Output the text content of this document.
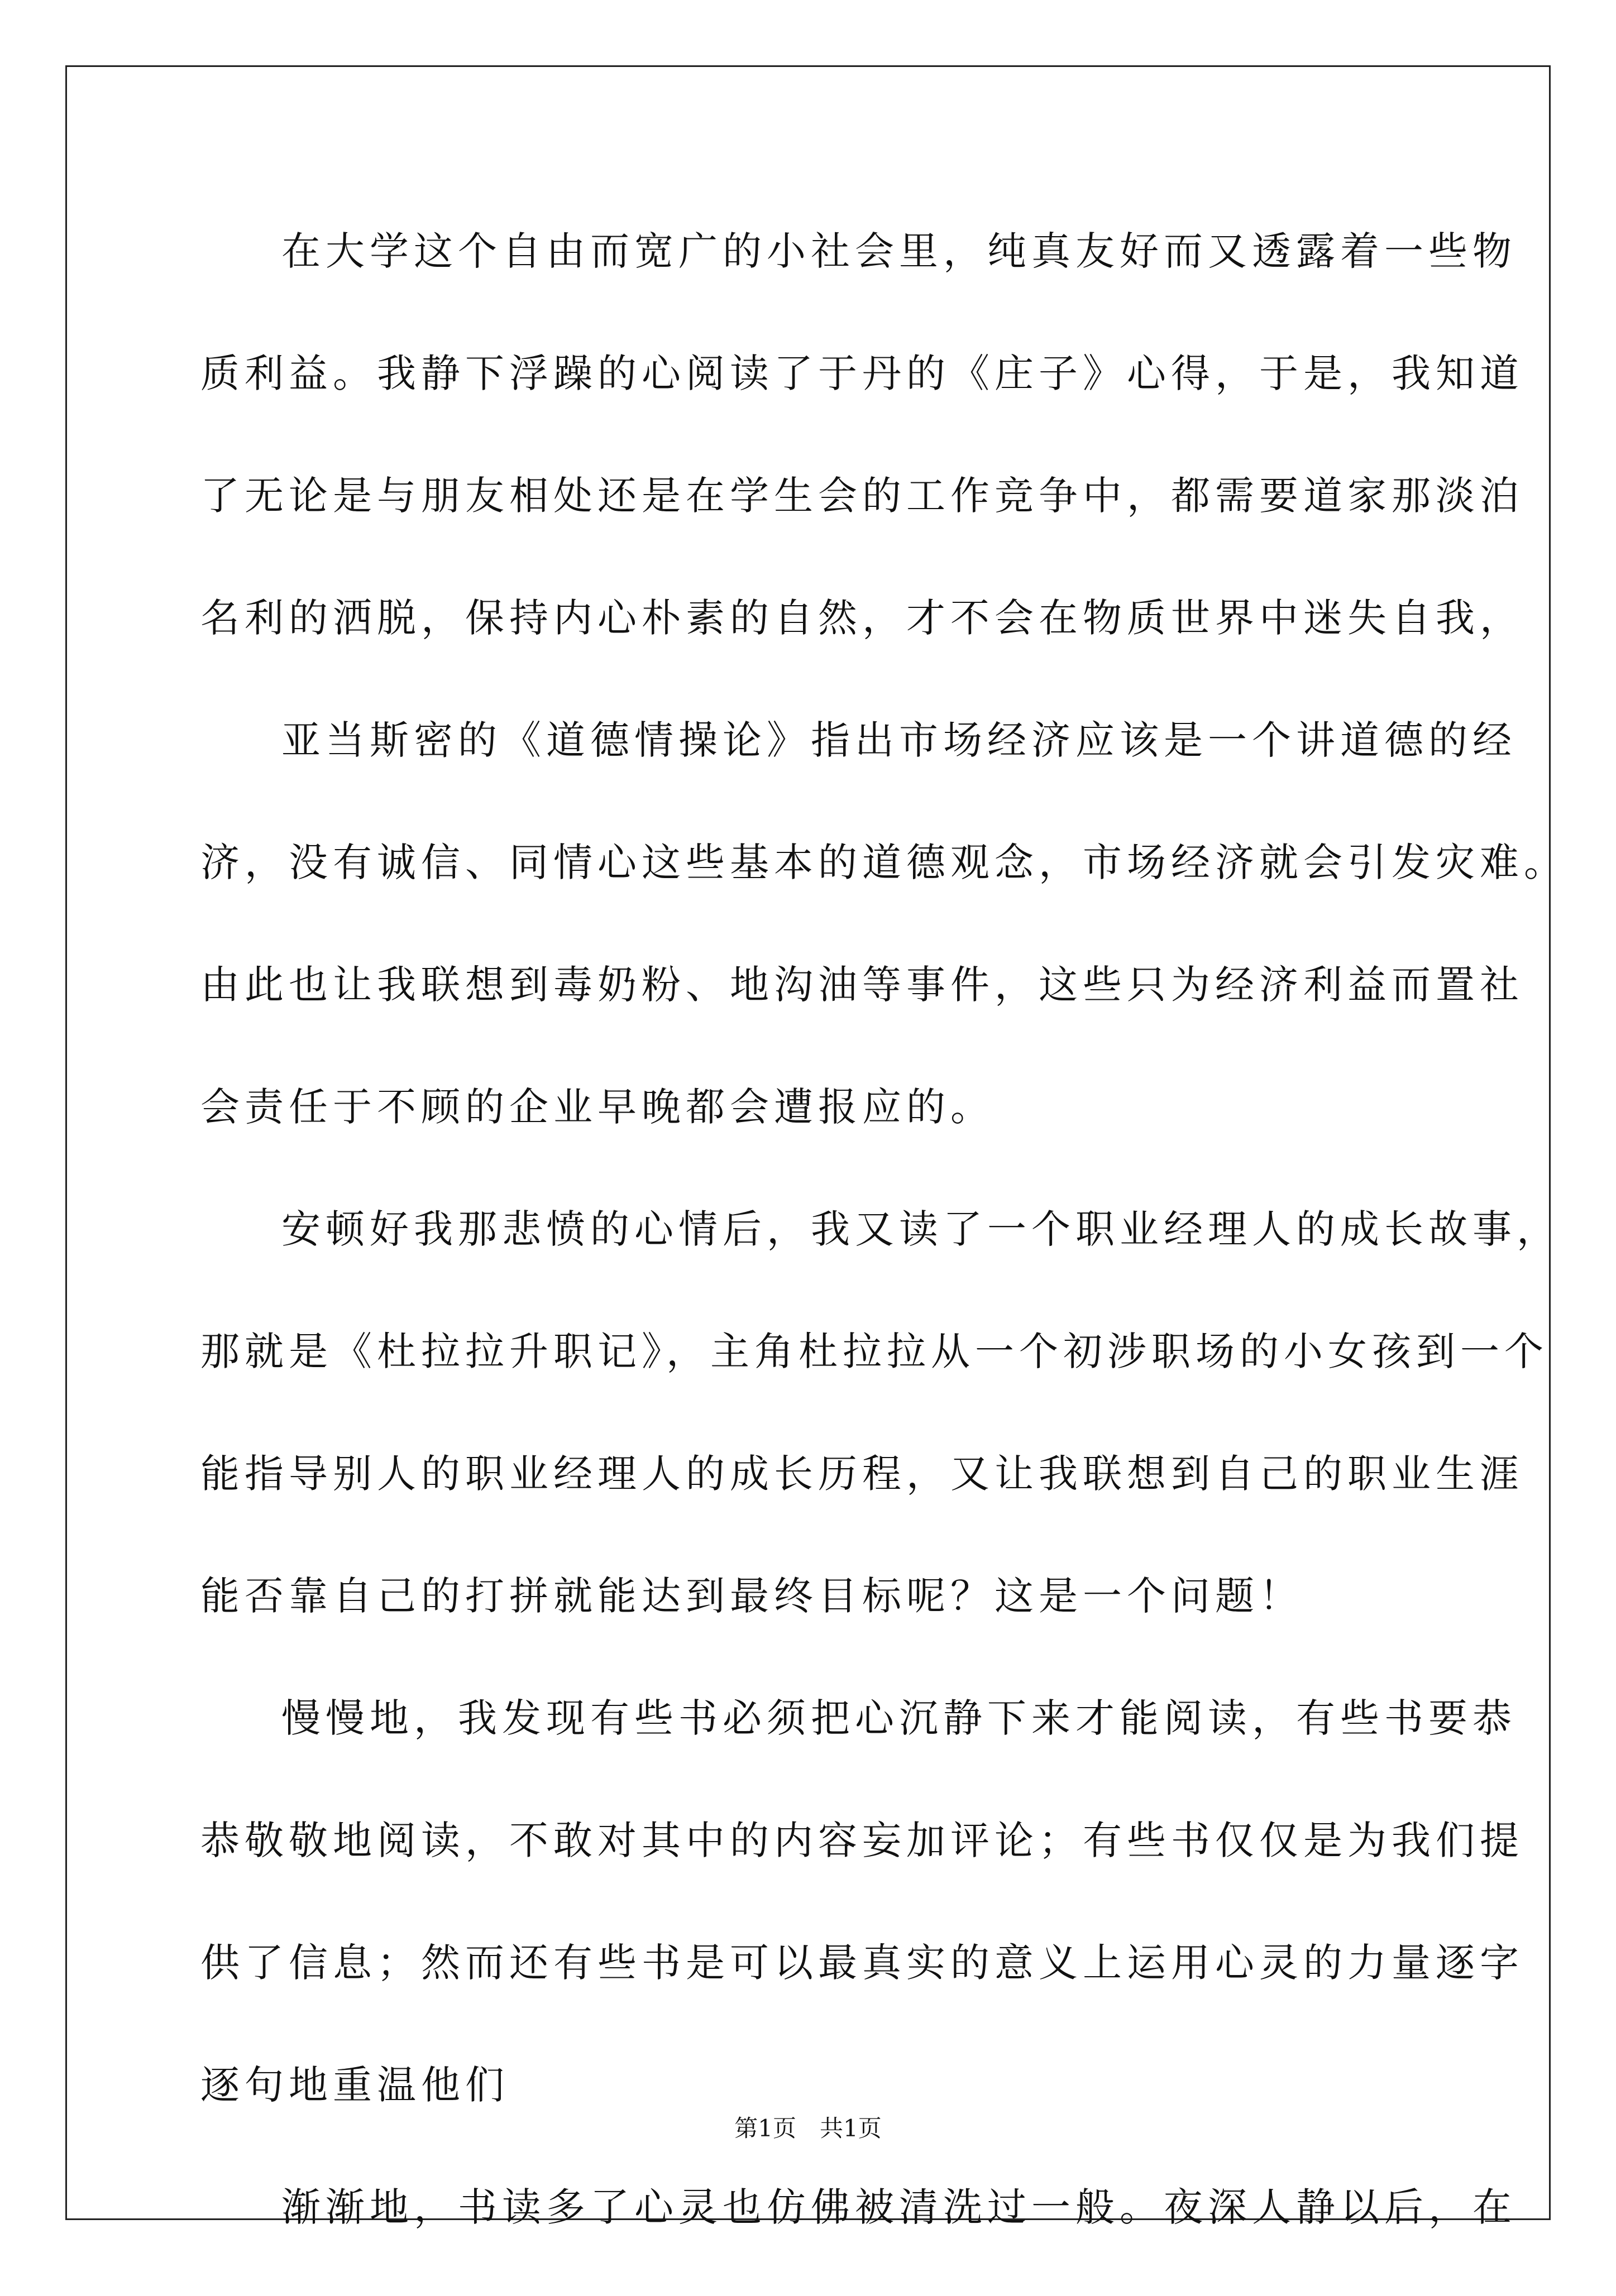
在大学这个自由而宽广的小社会里，纯真友好而又透露着一些物
质利益。我静下浮躁的心阅读了于丹的《庄子》心得，于是，我知道
了无论是与朋友相处还是在学生会的工作竞争中，都需要道家那淡泊
名利的洒脱，保持内心朴素的自然，才不会在物质世界中迷失自我，
亚当斯密的《道德情操论》指出市场经济应该是一个讲道德的经
济，没有诚信、同情心这些基本的道德观念，市场经济就会引发灾难。
由此也让我联想到毒奶粉、地沟油等事件，这些只为经济利益而置社
会责任于不顾的企业早晚都会遭报应的。
安顿好我那悲愤的心情后，我又读了一个职业经理人的成长故事，
那就是《杜拉拉升职记》，主角杜拉拉从一个初涉职场的小女孩到一个
能指导别人的职业经理人的成长历程，又让我联想到自己的职业生涯
能否靠自己的打拼就能达到最终目标呢？这是一个问题！
慢慢地，我发现有些书必须把心沉静下来才能阅读，有些书要恭
恭敬敬地阅读，不敢对其中的内容妄加评论；有些书仅仅是为我们提
供了信息；然而还有些书是可以最真实的意义上运用心灵的力量逐字
逐句地重温他们
渐渐地，书读多了心灵也仿佛被清洗过一般。夜深人静以后，在
第1页　共1页
